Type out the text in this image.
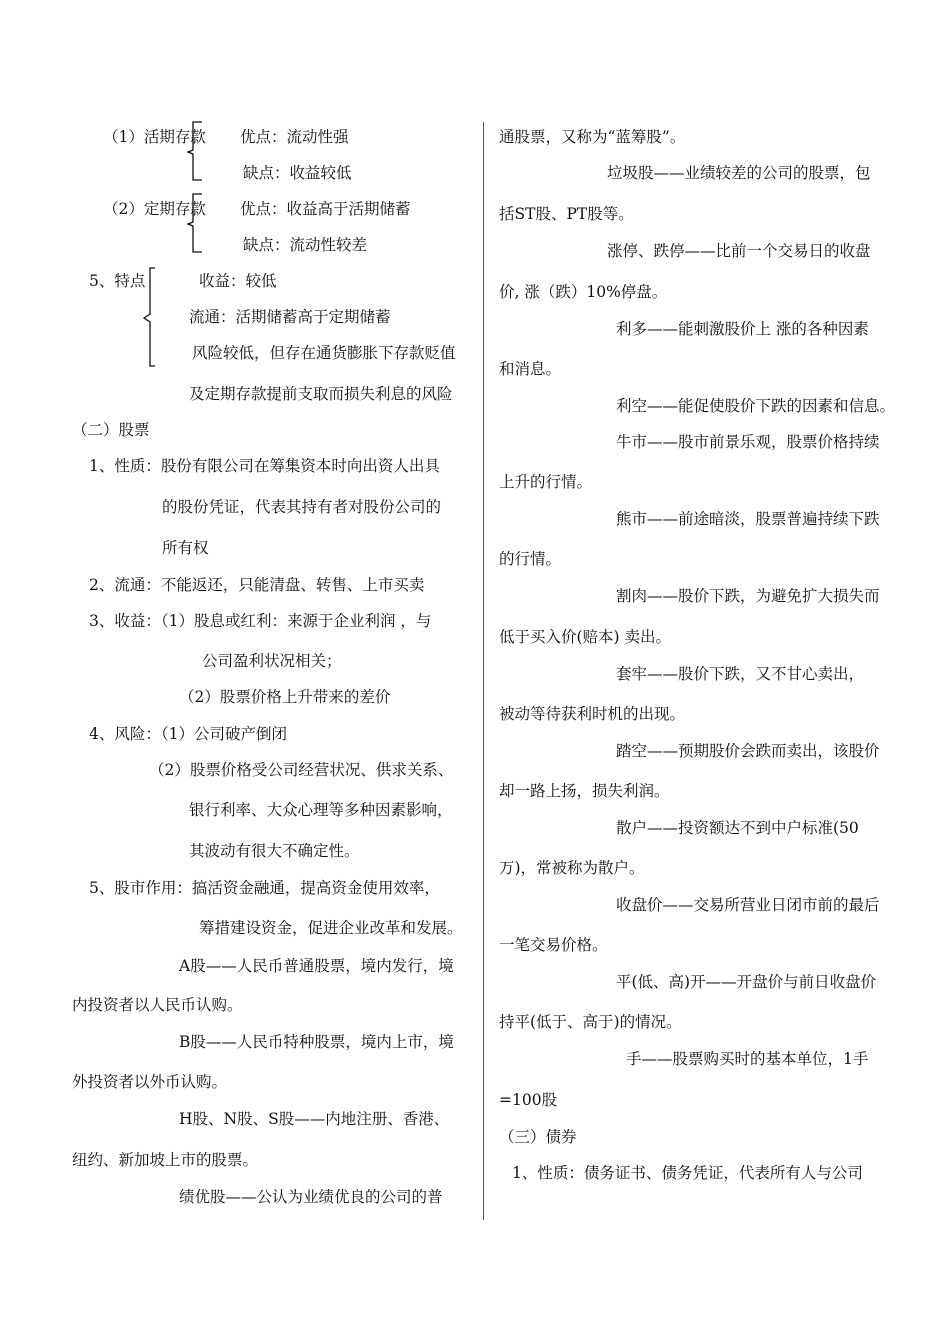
（1）活期存款 优点：流动性强
缺点：收益较低
（2）定期存款 优点：收益高于活期储蓄
缺点：流动性较差
5、特点	收益：较低
流通：活期储蓄高于定期储蓄
风险较低，但存在通货膨胀下存款贬值
及定期存款提前支取而损失利息的风险
（二）股票
1、性质：股份有限公司在筹集资本时向出资人出具
的股份凭证，代表其持有者对股份公司的
所有权
2、流通：不能返还，只能清盘、转售、上市买卖
3、收益：（1）股息或红利：来源于企业利润 ，与
公司盈利状况相关；
（2）股票价格上升带来的差价
4、风险：（1）公司破产倒闭
（2）股票价格受公司经营状况、供求关系、
银行利率、大众心理等多种因素影响，
其波动有很大不确定性。
5、股市作用：搞活资金融通，提高资金使用效率，
筹措建设资金，促进企业改革和发展。
A股——人民币普通股票，境内发行，境
内投资者以人民币认购。
B股——人民币特种股票，境内上市，境
外投资者以外币认购。
H股、N股、S股——内地注册、香港、
纽约、新加坡上市的股票。
绩优股——公认为业绩优良的公司的普
通股票，又称为“蓝筹股”。
垃圾股——业绩较差的公司的股票，包
括ST股、PT股等。
涨停、跌停——比前一个交易日的收盘
价, 涨（跌）10%停盘。
利多——能刺激股价上 涨的各种因素
和消息。
利空——能促使股价下跌的因素和信息。
牛市——股市前景乐观，股票价格持续
上升的行情。
熊市——前途暗淡，股票普遍持续下跌
的行情。
割肉——股价下跌，为避免扩大损失而
低于买入价(赔本) 卖出。
套牢——股价下跌，又不甘心卖出，
被动等待获利时机的出现。
踏空——预期股价会跌而卖出，该股价
却一路上扬，损失利润。
散户——投资额达不到中户标准(50
万)，常被称为散户。
收盘价——交易所营业日闭市前的最后
一笔交易价格。
平(低、高)开——开盘价与前日收盘价
持平(低于、高于)的情况。
手——股票购买时的基本单位，1手
=100股
（三）债券
1、性质：债务证书、债务凭证，代表所有人与公司
